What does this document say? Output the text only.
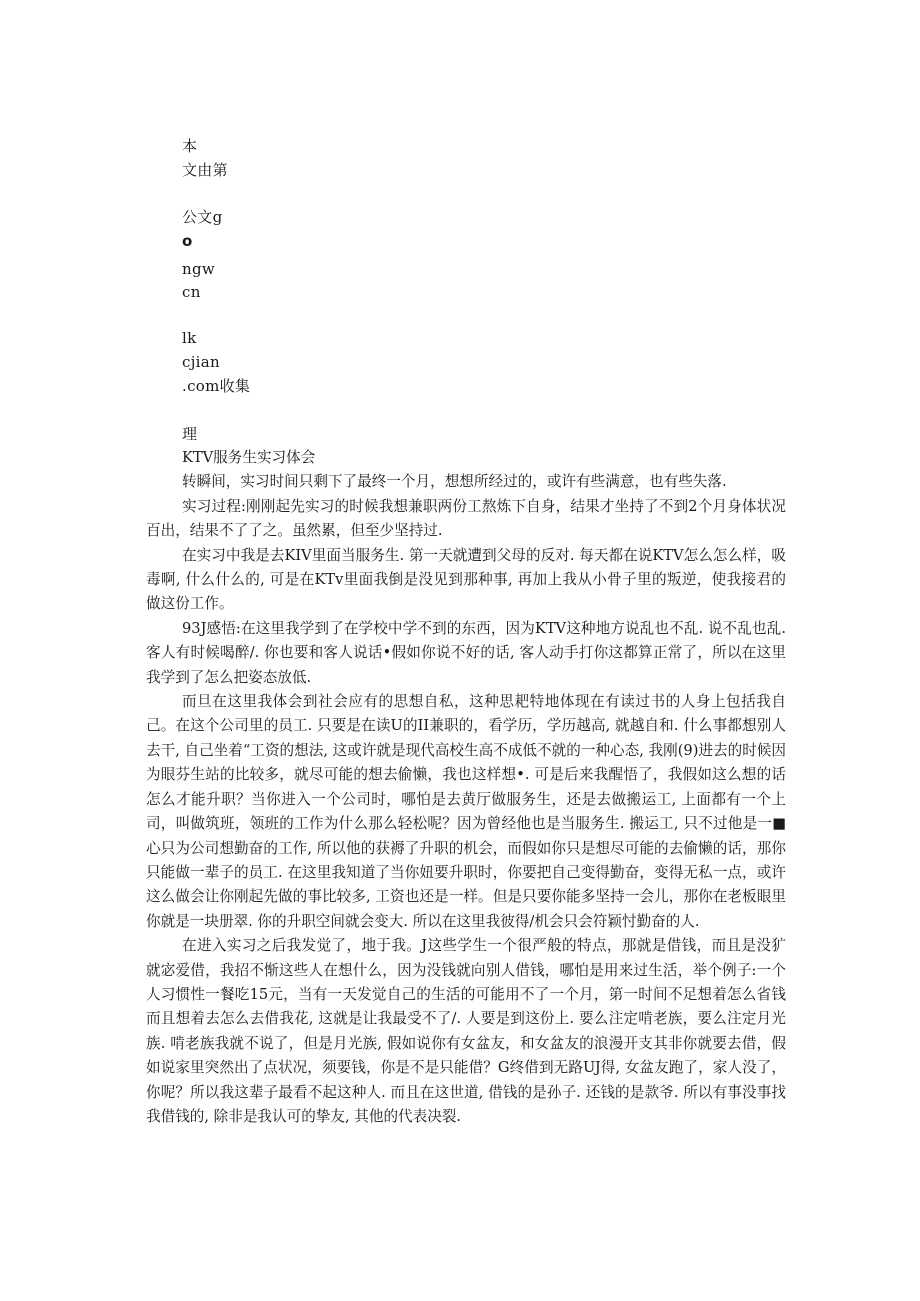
本
文由第
公文g
o
ngw
cn
lk
cjian
.com收集
理
KTV服务生实习体会

转瞬间，实习时间只剩下了最终一个月，想想所经过的，或许有些满意，也有些失落.

实习过程:刚刚起先实习的时候我想兼职两份工熬炼下自身，结果才坐持了不到2个月身体状况百出，结果不了了之。虽然累，但至少坚持过.

在实习中我是去KIV里面当服务生. 第一天就遭到父母的反对. 每天都在说KTV怎么怎么样，吸毒啊, 什么什么的, 可是在KTv里面我倒是没见到那种事, 再加上我从小骨子里的叛逆，使我接君的做这份工作。

93J感悟:在这里我学到了在学校中学不到的东西，因为KTV这种地方说乱也不乱. 说不乱也乱. 客人有时候喝醉/. 你也要和客人说话•假如你说不好的话, 客人动手打你这都算正常了，所以在这里我学到了怎么把姿态放低.

而旦在这里我体会到社会应有的思想自私，这种思耙特地体现在有读过书的人身上包括我自己。在这个公司里的员工. 只要是在读U的II兼职的，看学历，学历越高, 就越自和. 什么事都想别人去干, 自己坐着“工资的想法, 这或许就是现代高校生高不成低不就的一种心态, 我刚(9)进去的时候因为眼芬生站的比较多，就尽可能的想去偷懒，我也这样想•. 可是后来我醒悟了，我假如这么想的话怎么才能升职？当你进入一个公司时，哪怕是去黄厅做服务生，还是去做搬运工, 上面都有一个上司，叫做筑班，领班的工作为什么那么轻松呢？因为曾经他也是当服务生. 搬运工, 只不过他是一■心只为公司想勤奋的工作, 所以他的获褥了升职的机会，而假如你只是想尽可能的去偷懒的话，那你只能做一辈子的员工. 在这里我知道了当你妞要升职时，你要把自己变得勤奋，变得无私一点，或许这么做会让你刚起先做的事比较多, 工资也还是一样。但是只要你能多坚持一会儿，那你在老板眼里你就是一块册翠. 你的升职空间就会变大. 所以在这里我彼得/机会只会符颖忖勤奋的人.

在进入实习之后我发觉了，地于我。J这些学生一个很严般的特点，那就是借钱，而且是没犷就宓爱借，我招不惭这些人在想什么，因为没钱就向别人借钱，哪怕是用来过生活，举个例子:一个人习惯性一餐吃15元，当有一天发觉自己的生活的可能用不了一个月，第一时间不足想着怎么省钱而且想着去怎么去借我花, 这就是让我最受不了/. 人要是到这份上. 要么注定啃老族，要么注定月光族. 啃老族我就不说了，但是月光族, 假如说你有女盆友，和女盆友的浪漫开支其非你就要去借，假如说家里突然出了点状况，须要钱，你是不是只能借？G终借到无路UJ得, 女盆友跑了，家人没了，你呢？所以我这辈子最看不起这种人. 而且在这世道, 借钱的是孙子. 还钱的是款爷. 所以有事没事找我借钱的, 除非是我认可的挚友, 其他的代表决裂.
